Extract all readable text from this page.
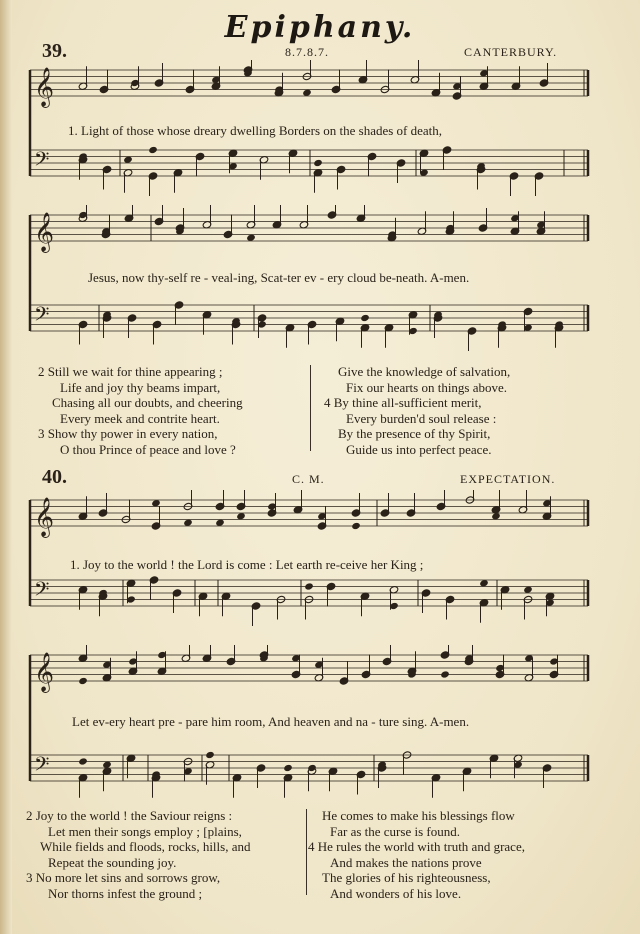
Epiphany.
39.	8.7.8.7.	CANTERBURY.
𝄞
𝄢
1. Light of those whose dreary dwelling Borders on the shades of death,
𝄞
𝄢
Jesus, now thy-self re - veal-ing, Scat-ter ev - ery cloud be-neath. A-men.
2 Still we wait for thine appearing ;
Life and joy thy beams impart,
Chasing all our doubts, and cheering
Every meek and contrite heart.
3 Show thy power in every nation,
O thou Prince of peace and love ?
Give the knowledge of salvation,
Fix our hearts on things above.
4 By thine all-sufficient merit,
Every burden'd soul release :
By the presence of thy Spirit,
Guide us into perfect peace.
40.	C. M.	EXPECTATION.
𝄞
𝄢
1. Joy to the world ! the Lord is come : Let earth re-ceive her King ;
𝄞
𝄢
Let ev-ery heart pre - pare him room, And heaven and na - ture sing. A-men.
2 Joy to the world ! the Saviour reigns :
Let men their songs employ ; [plains,
While fields and floods, rocks, hills, and
Repeat the sounding joy.
3 No more let sins and sorrows grow,
Nor thorns infest the ground ;
He comes to make his blessings flow
Far as the curse is found.
4 He rules the world with truth and grace,
And makes the nations prove
The glories of his righteousness,
And wonders of his love.
